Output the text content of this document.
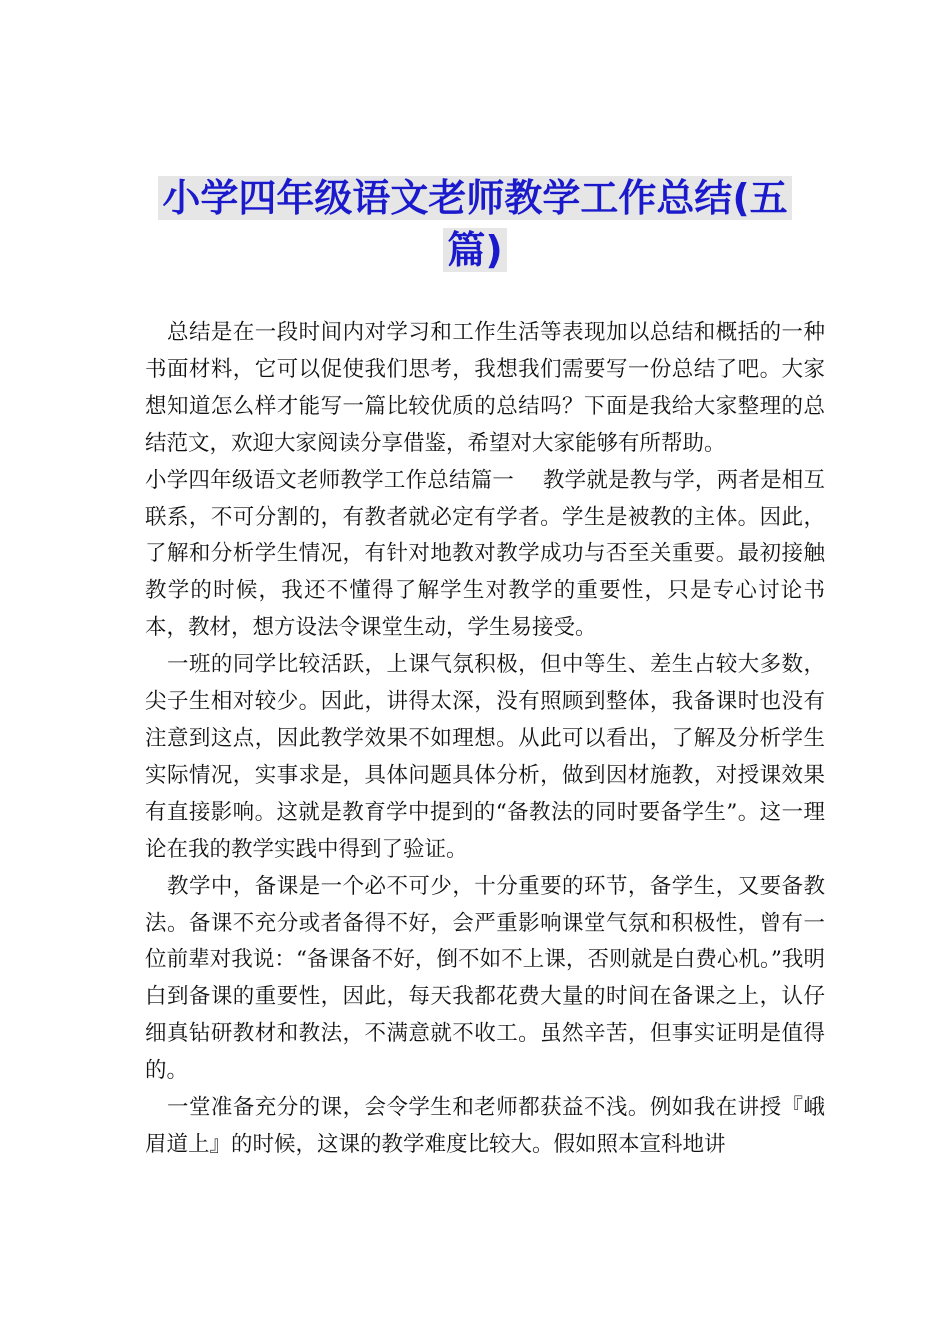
小学四年级语文老师教学工作总结(五篇)

总结是在一段时间内对学习和工作生活等表现加以总结和概括的一种书面材料，它可以促使我们思考，我想我们需要写一份总结了吧。大家想知道怎么样才能写一篇比较优质的总结吗？下面是我给大家整理的总结范文，欢迎大家阅读分享借鉴，希望对大家能够有所帮助。

小学四年级语文老师教学工作总结篇一　 教学就是教与学，两者是相互联系，不可分割的，有教者就必定有学者。学生是被教的主体。因此，了解和分析学生情况，有针对地教对教学成功与否至关重要。最初接触教学的时候，我还不懂得了解学生对教学的重要性，只是专心讨论书本，教材，想方设法令课堂生动，学生易接受。

一班的同学比较活跃，上课气氛积极，但中等生、差生占较大多数，尖子生相对较少。因此，讲得太深，没有照顾到整体，我备课时也没有注意到这点，因此教学效果不如理想。从此可以看出，了解及分析学生实际情况，实事求是，具体问题具体分析，做到因材施教，对授课效果有直接影响。这就是教育学中提到的“备教法的同时要备学生”。这一理论在我的教学实践中得到了验证。

教学中，备课是一个必不可少，十分重要的环节，备学生，又要备教法。备课不充分或者备得不好，会严重影响课堂气氛和积极性，曾有一位前辈对我说：“备课备不好，倒不如不上课，否则就是白费心机。”我明白到备课的重要性，因此，每天我都花费大量的时间在备课之上，认仔细真钻研教材和教法，不满意就不收工。虽然辛苦，但事实证明是值得的。

一堂准备充分的课，会令学生和老师都获益不浅。例如我在讲授『峨眉道上』的时候，这课的教学难度比较大。假如照本宣科地讲
